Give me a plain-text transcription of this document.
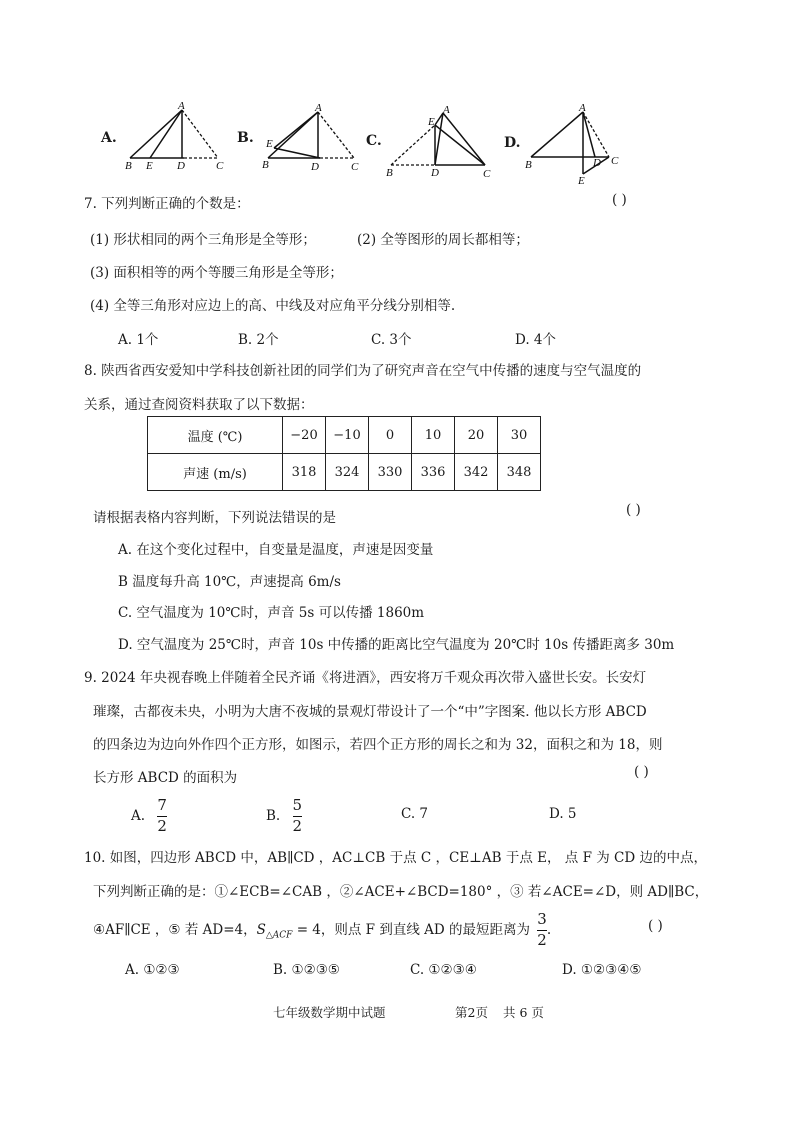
A.
A
B E D	C
B.
A
E
B	D	C
C.
E
A
B	D	C
D.
A
B	D C
E
7. 下列判断正确的个数是：	( )
(1) 形状相同的两个三角形是全等形；	(2) 全等图形的周长都相等；
(3) 面积相等的两个等腰三角形是全等形；
(4) 全等三角形对应边上的高、中线及对应角平分线分别相等.
A. 1个	B. 2个	C. 3个	D. 4个
8. 陕西省西安爱知中学科技创新社团的同学们为了研究声音在空气中传播的速度与空气温度的
关系，通过查阅资料获取了以下数据：
温度 (℃)	−20	−10	0	10	20	30
声速 (m/s)	318	324	330	336	342	348
请根据表格内容判断，下列说法错误的是	( )
A. 在这个变化过程中，自变量是温度，声速是因变量
B 温度每升高 10℃，声速提高 6m/s
C. 空气温度为 10℃时，声音 5s 可以传播 1860m
D. 空气温度为 25℃时，声音 10s 中传播的距离比空气温度为 20℃时 10s 传播距离多 30m
9. 2024 年央视春晚上伴随着全民齐诵《将进酒》，西安将万千观众再次带入盛世长安。长安灯
璀璨，古都夜未央，小明为大唐不夜城的景观灯带设计了一个“中”字图案. 他以长方形 ABCD
的四条边为边向外作四个正方形，如图示，若四个正方形的周长之和为 32，面积之和为 18，则
长方形 ABCD 的面积为	( )
A. $\frac{7}{2}$	B. $\frac{5}{2}$	C. 7	D. 5
10. 如图，四边形 ABCD 中，AB∥CD ，AC⊥CB 于点 C ，CE⊥AB 于点 E， 点 F 为 CD 边的中点，
下列判断正确的是：①∠ECB=∠CAB ，②∠ACE+∠BCD=180° ，③ 若∠ACE=∠D，则 AD∥BC，
④AF∥CE ，⑤ 若 AD=4，$S_{\triangle ACF} = 4$，则点 F 到直线 AD 的最短距离为 $\frac{3}{2}$ .	( )
A. ①②③	B. ①②③⑤	C. ①②③④	D. ①②③④⑤
七年级数学期中试题	第2页 共 6 页
